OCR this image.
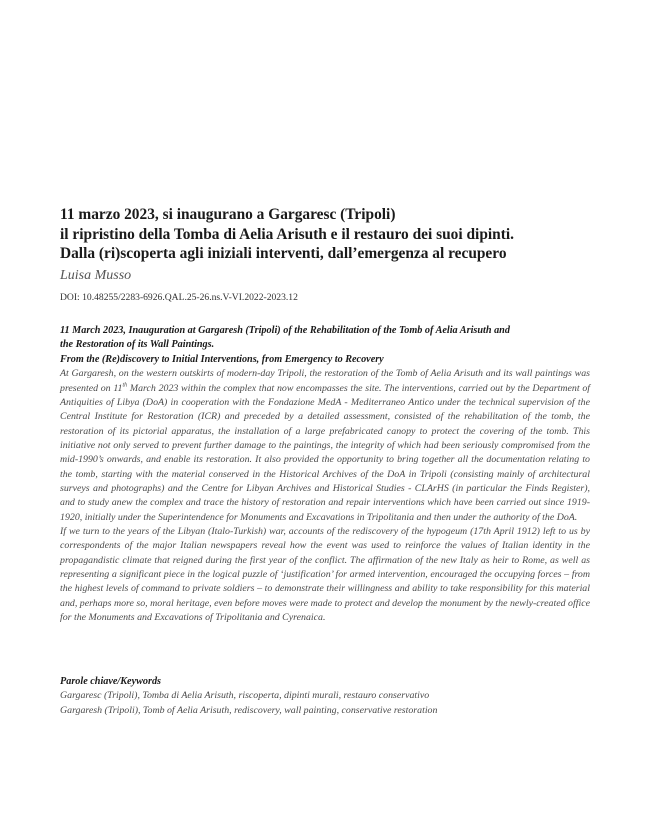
11 marzo 2023, si inaugurano a Gargaresc (Tripoli)
il ripristino della Tomba di Aelia Arisuth e il restauro dei suoi dipinti.
Dalla (ri)scoperta agli iniziali interventi, dall’emergenza al recupero
Luisa Musso
DOI: 10.48255/2283-6926.QAL.25-26.ns.V-VI.2022-2023.12
11 March 2023, Inauguration at Gargaresh (Tripoli) of the Rehabilitation of the Tomb of Aelia Arisuth and
the Restoration of its Wall Paintings.
From the (Re)discovery to Initial Interventions, from Emergency to Recovery

At Gargaresh, on the western outskirts of modern-day Tripoli, the restoration of the Tomb of Aelia Arisuth and its wall paintings was presented on 11th March 2023 within the complex that now encompasses the site. The interventions, carried out by the Department of Antiquities of Libya (DoA) in cooperation with the Fondazione MedA - Mediterraneo Antico under the technical supervision of the Central Institute for Restoration (ICR) and preceded by a detailed assessment, consisted of the rehabilitation of the tomb, the restoration of its pictorial apparatus, the installation of a large prefabricated canopy to protect the covering of the tomb. This initiative not only served to prevent further damage to the paintings, the integrity of which had been seriously compromised from the mid-1990’s onwards, and enable its restoration. It also provided the opportunity to bring together all the documentation relating to the tomb, starting with the material conserved in the Historical Archives of the DoA in Tripoli (consisting mainly of architectural surveys and photographs) and the Centre for Libyan Archives and Historical Studies - CLArHS (in particular the Finds Register), and to study anew the complex and trace the history of restoration and repair interventions which have been carried out since 1919-1920, initially under the Superintendence for Monuments and Excavations in Tripolitania and then under the authority of the DoA.

If we turn to the years of the Libyan (Italo-Turkish) war, accounts of the rediscovery of the hypogeum (17th April 1912) left to us by correspondents of the major Italian newspapers reveal how the event was used to reinforce the values of Italian identity in the propagandistic climate that reigned during the first year of the conflict. The affirmation of the new Italy as heir to Rome, as well as representing a significant piece in the logical puzzle of ‘justification’ for armed intervention, encouraged the occupying forces – from the highest levels of command to private soldiers – to demonstrate their willingness and ability to take responsibility for this material and, perhaps more so, moral heritage, even before moves were made to protect and develop the monument by the newly-created office for the Monuments and Excavations of Tripolitania and Cyrenaica.

Parole chiave/Keywords
Gargaresc (Tripoli), Tomba di Aelia Arisuth, riscoperta, dipinti murali, restauro conservativo
Gargaresh (Tripoli), Tomb of Aelia Arisuth, rediscovery, wall painting, conservative restoration
